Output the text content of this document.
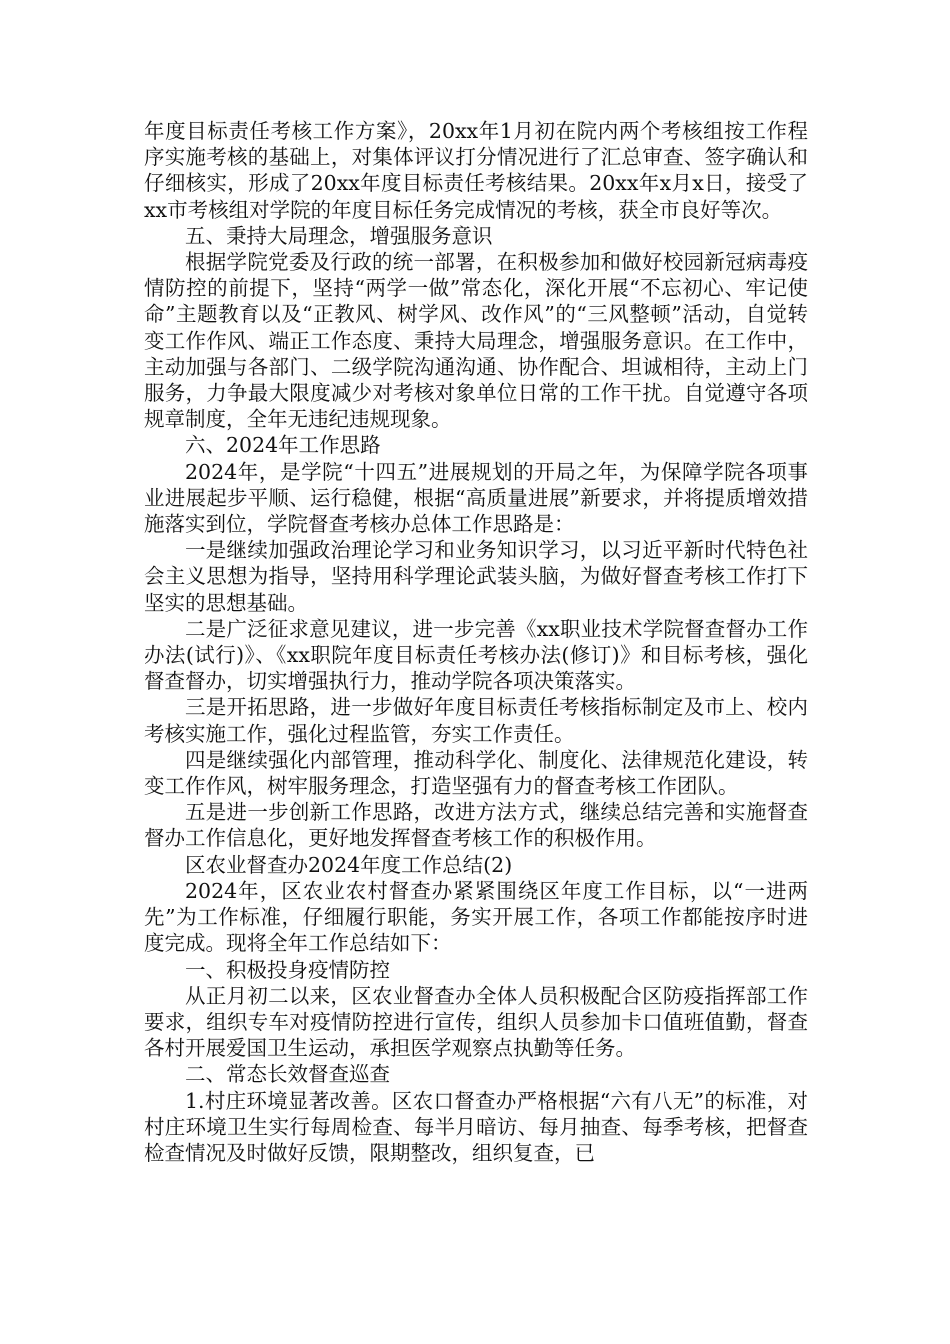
年度目标责任考核工作方案》，20xx年1月初在院内两个考核组按工作程序实施考核的基础上，对集体评议打分情况进行了汇总审查、签字确认和仔细核实，形成了20xx年度目标责任考核结果。20xx年x月x日，接受了xx市考核组对学院的年度目标任务完成情况的考核，获全市良好等次。

五、秉持大局理念，增强服务意识

根据学院党委及行政的统一部署，在积极参加和做好校园新冠病毒疫情防控的前提下，坚持“两学一做”常态化，深化开展“不忘初心、牢记使命”主题教育以及“正教风、树学风、改作风”的“三风整顿”活动，自觉转变工作作风、端正工作态度、秉持大局理念，增强服务意识。在工作中，主动加强与各部门、二级学院沟通沟通、协作配合、坦诚相待，主动上门服务，力争最大限度减少对考核对象单位日常的工作干扰。自觉遵守各项规章制度，全年无违纪违规现象。

六、2024年工作思路

2024年，是学院“十四五”进展规划的开局之年，为保障学院各项事业进展起步平顺、运行稳健，根据“高质量进展”新要求，并将提质增效措施落实到位，学院督查考核办总体工作思路是：

一是继续加强政治理论学习和业务知识学习，以习近平新时代特色社会主义思想为指导，坚持用科学理论武装头脑，为做好督查考核工作打下坚实的思想基础。

二是广泛征求意见建议，进一步完善《xx职业技术学院督查督办工作办法(试行)》、《xx职院年度目标责任考核办法(修订)》和目标考核，强化督查督办，切实增强执行力，推动学院各项决策落实。

三是开拓思路，进一步做好年度目标责任考核指标制定及市上、校内考核实施工作，强化过程监管，夯实工作责任。

四是继续强化内部管理，推动科学化、制度化、法律规范化建设，转变工作作风，树牢服务理念，打造坚强有力的督查考核工作团队。

五是进一步创新工作思路，改进方法方式，继续总结完善和实施督查督办工作信息化，更好地发挥督查考核工作的积极作用。

区农业督查办2024年度工作总结(2)

2024年，区农业农村督查办紧紧围绕区年度工作目标，以“一进两先”为工作标准，仔细履行职能，务实开展工作，各项工作都能按序时进度完成。现将全年工作总结如下：

一、积极投身疫情防控

从正月初二以来，区农业督查办全体人员积极配合区防疫指挥部工作要求，组织专车对疫情防控进行宣传，组织人员参加卡口值班值勤，督查各村开展爱国卫生运动，承担医学观察点执勤等任务。

二、常态长效督查巡查

1.村庄环境显著改善。区农口督查办严格根据“六有八无”的标准，对村庄环境卫生实行每周检查、每半月暗访、每月抽查、每季考核，把督查检查情况及时做好反馈，限期整改，组织复查，已
